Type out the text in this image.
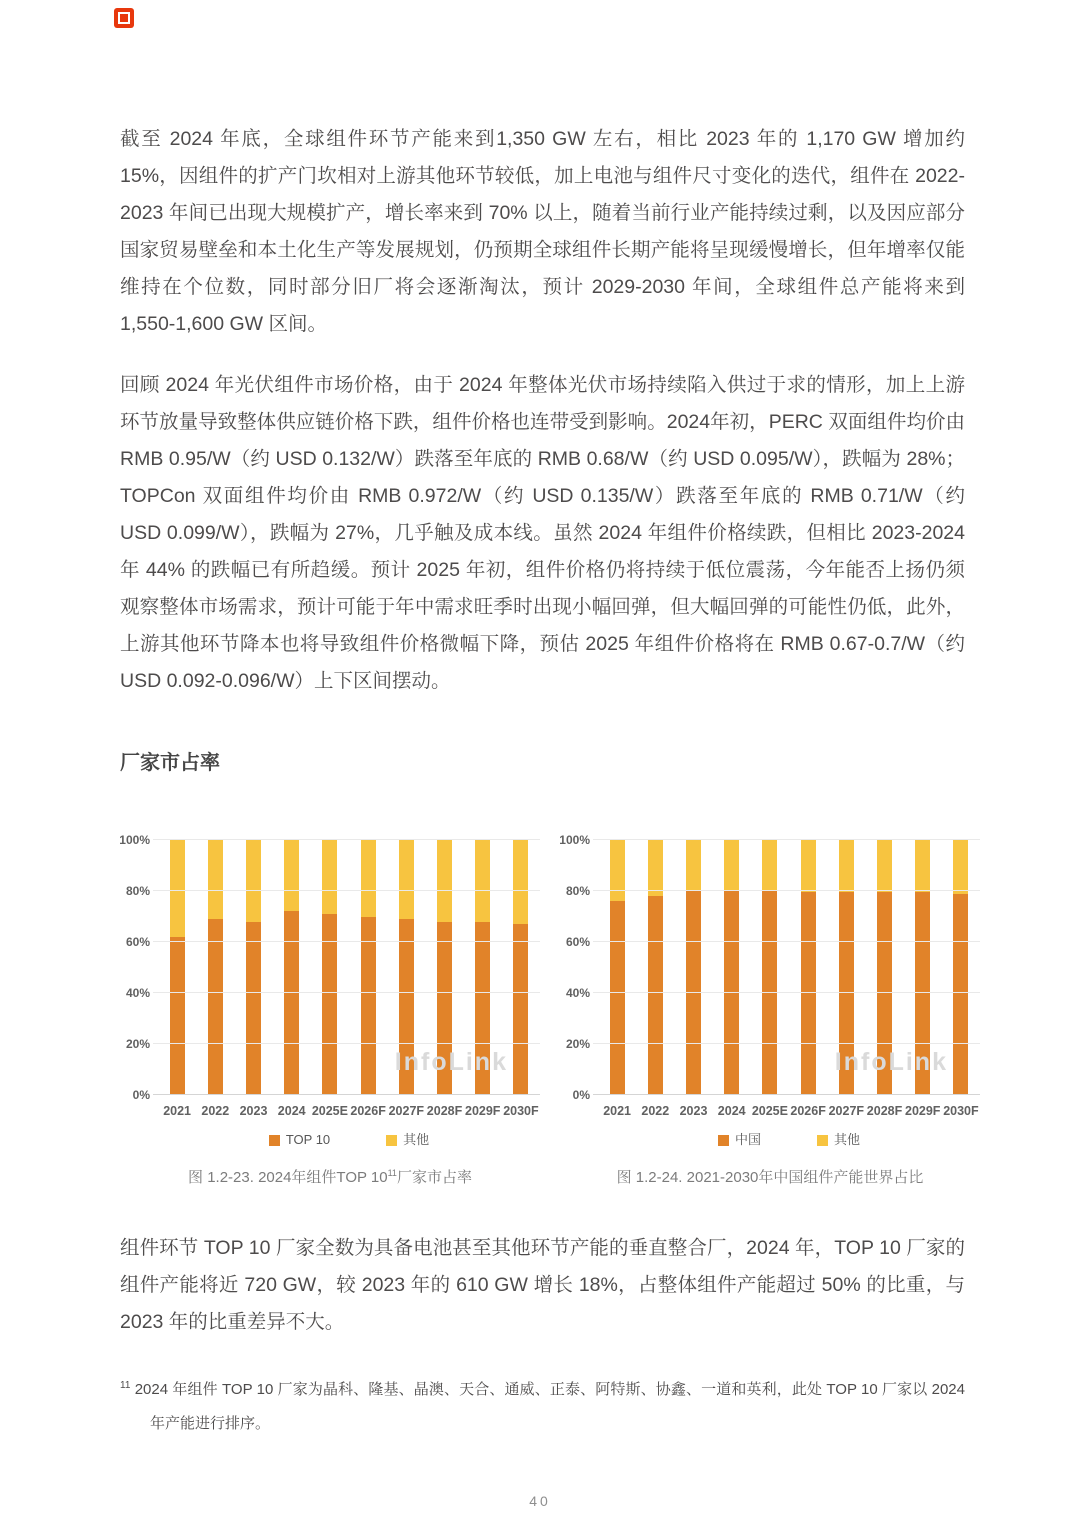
截至 2024 年底，全球组件环节产能来到1,350 GW 左右，相比 2023 年的 1,170 GW 增加约15%，因组件的扩产门坎相对上游其他环节较低，加上电池与组件尺寸变化的迭代，组件在 2022-2023 年间已出现大规模扩产，增长率来到 70% 以上，随着当前行业产能持续过剩，以及因应部分国家贸易壁垒和本土化生产等发展规划，仍预期全球组件长期产能将呈现缓慢增长，但年增率仅能维持在个位数，同时部分旧厂将会逐渐淘汰，预计 2029-2030 年间，全球组件总产能将来到 1,550-1,600 GW 区间。

回顾 2024 年光伏组件市场价格，由于 2024 年整体光伏市场持续陷入供过于求的情形，加上上游环节放量导致整体供应链价格下跌，组件价格也连带受到影响。2024年初，PERC 双面组件均价由 RMB 0.95/W（约 USD 0.132/W）跌落至年底的 RMB 0.68/W（约 USD 0.095/W），跌幅为 28%；TOPCon 双面组件均价由 RMB 0.972/W（约 USD 0.135/W）跌落至年底的 RMB 0.71/W（约 USD 0.099/W），跌幅为 27%，几乎触及成本线。虽然 2024 年组件价格续跌，但相比 2023-2024 年 44% 的跌幅已有所趋缓。预计 2025 年初，组件价格仍将持续于低位震荡，今年能否上扬仍须观察整体市场需求，预计可能于年中需求旺季时出现小幅回弹，但大幅回弹的可能性仍低，此外，上游其他环节降本也将导致组件价格微幅下降，预估 2025 年组件价格将在 RMB 0.67-0.7/W（约 USD 0.092-0.096/W）上下区间摆动。

厂家市占率
0%
20%
40%
60%
80%
100%
InfoLink
2021 2022 2023 2024 2025E 2026F 2027F 2028F 2029F 2030F
TOP 10	其他
0%
20%
40%
60%
80%
100%
InfoLink
2021 2022 2023 2024 2025E 2026F 2027F 2028F 2029F 2030F
中国	其他
图 1.2-23. 2024年组件TOP $10^{11}$厂家市占率	图 1.2-24. 2021-2030年中国组件产能世界占比

组件环节 TOP 10 厂家全数为具备电池甚至其他环节产能的垂直整合厂，2024 年，TOP 10 厂家的组件产能将近 720 GW，较 2023 年的 610 GW 增长 18%，占整体组件产能超过 50% 的比重，与 2023 年的比重差异不大。

$^{11}$ 2024 年组件 TOP 10 厂家为晶科、隆基、晶澳、天合、通威、正泰、阿特斯、协鑫、一道和英利，此处 TOP 10 厂家以 2024 年产能进行排序。
40
